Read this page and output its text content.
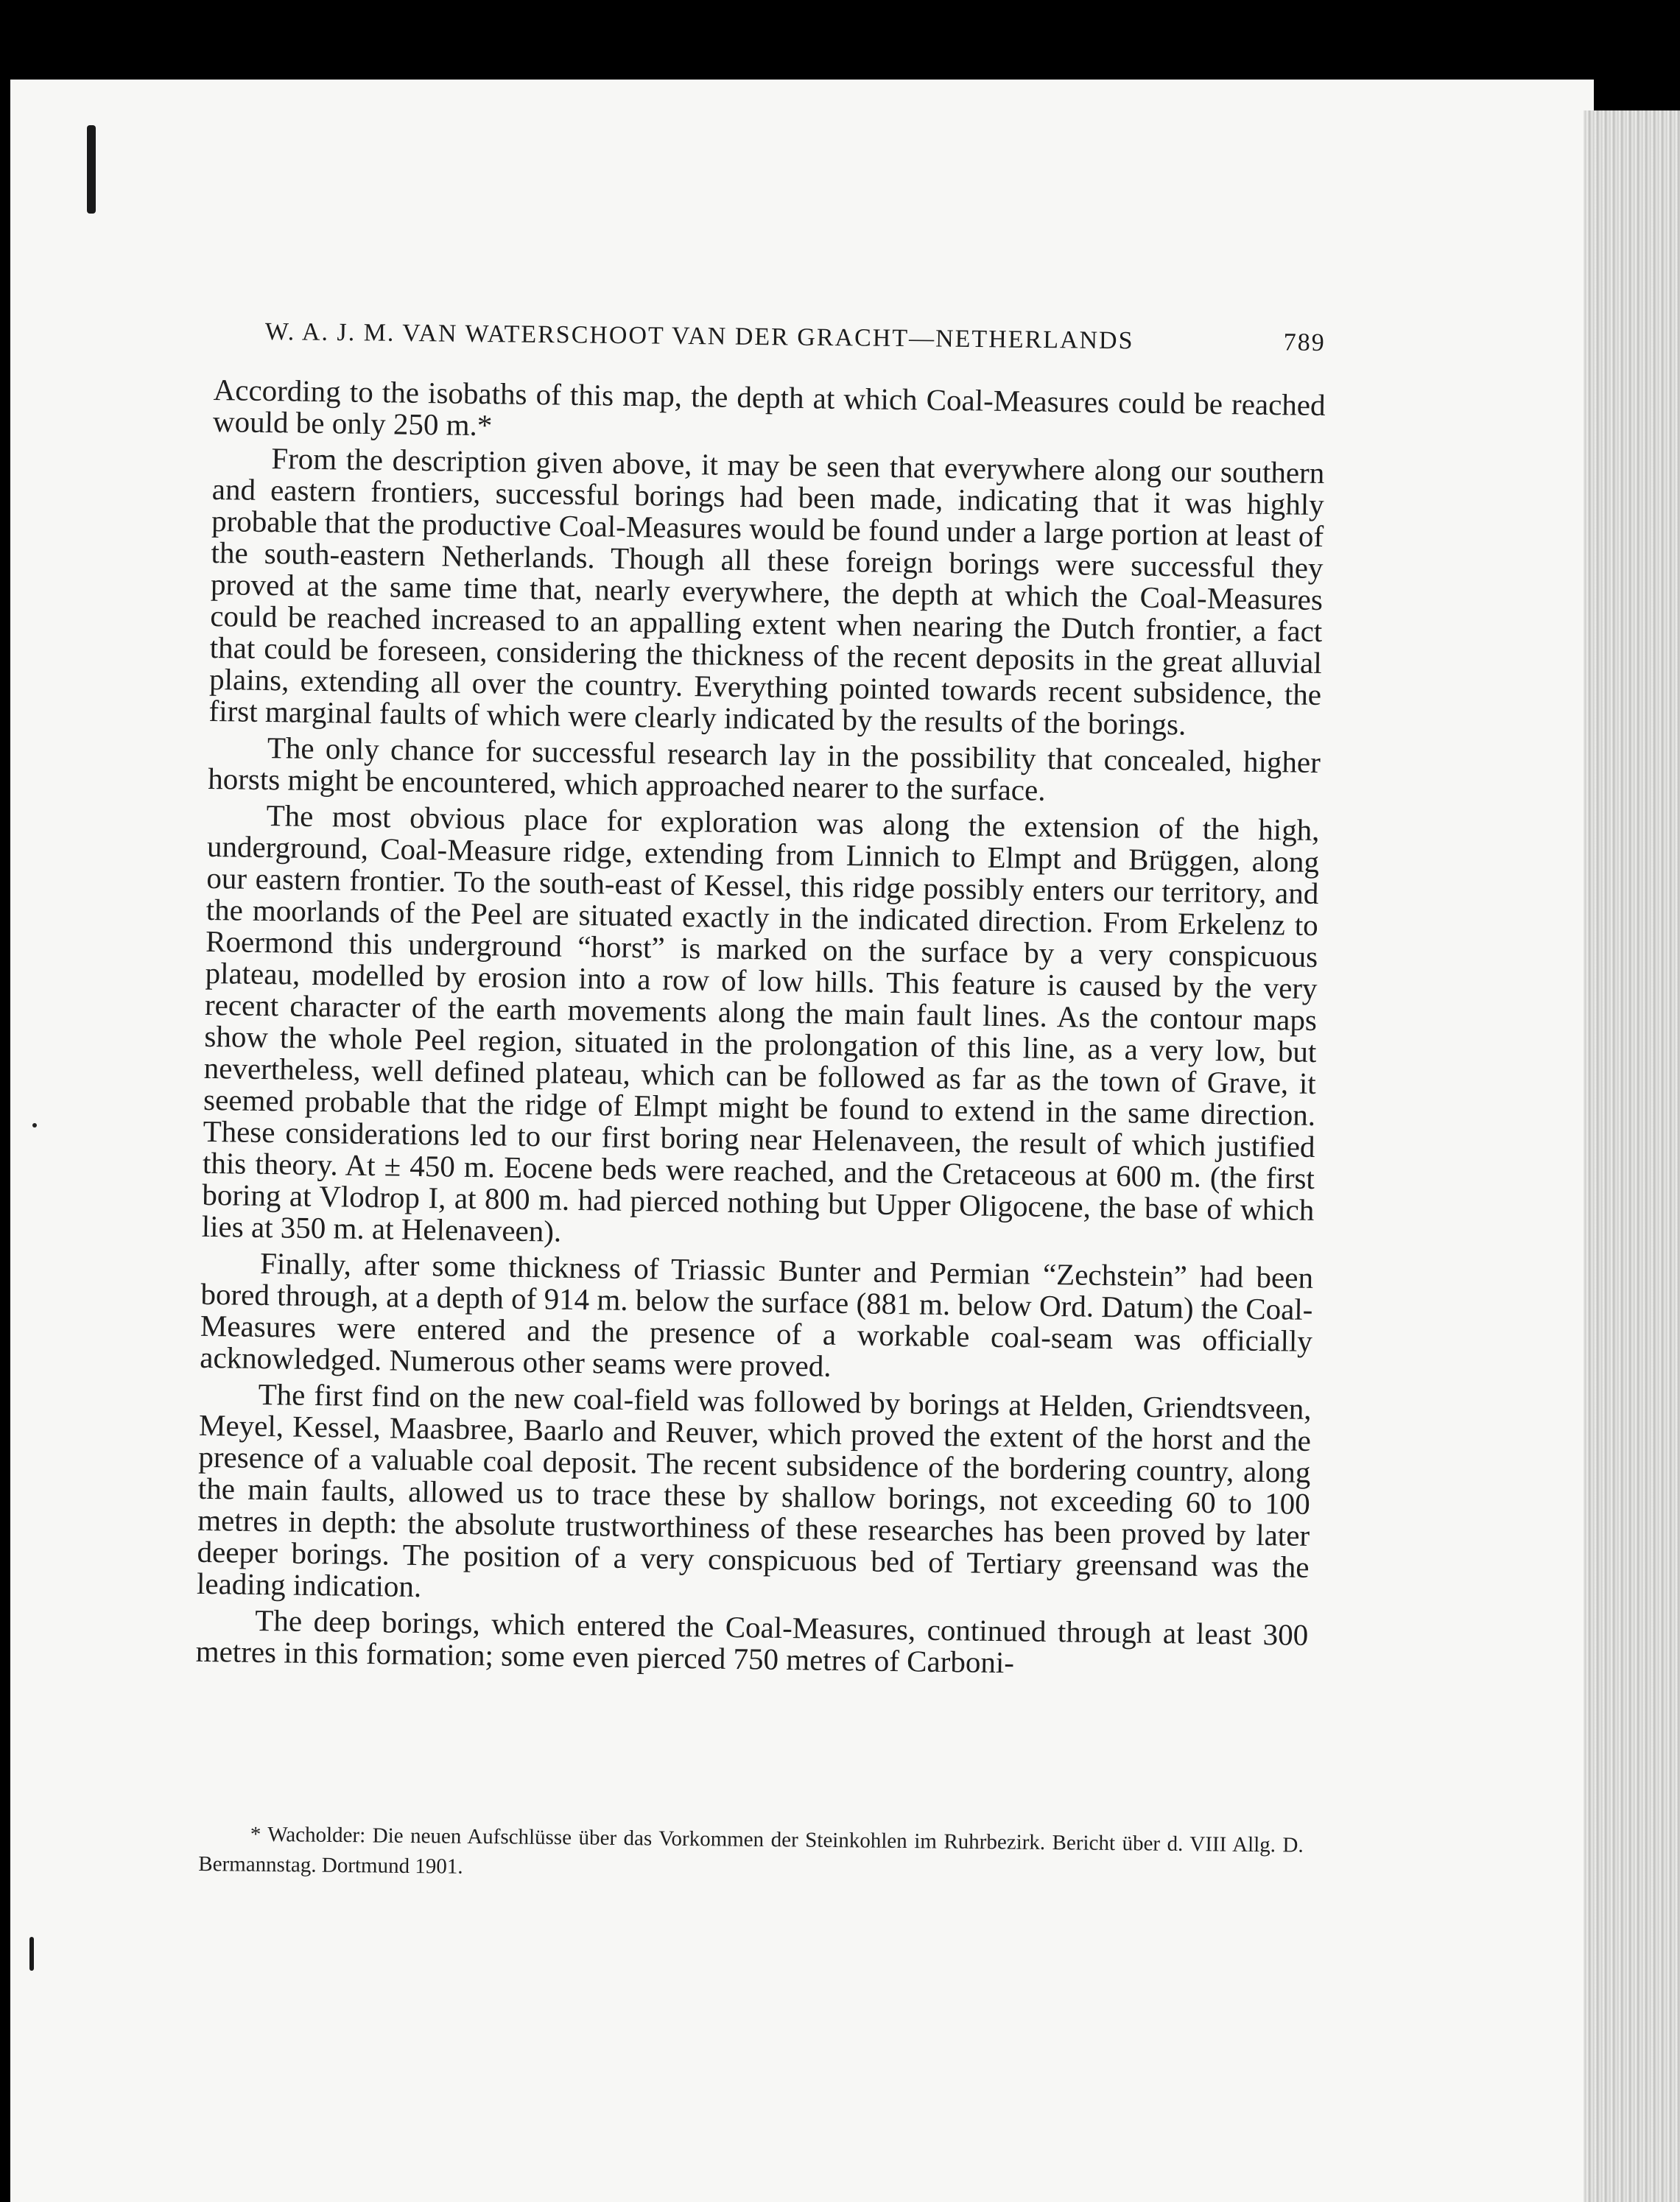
W. A. J. M. VAN WATERSCHOOT VAN DER GRACHT—NETHERLANDS	789

According to the isobaths of this map, the depth at which Coal-Measures could be reached would be only 250 m.*

From the description given above, it may be seen that everywhere along our southern and eastern frontiers, successful borings had been made, indicating that it was highly probable that the productive Coal-Measures would be found under a large portion at least of the south-eastern Netherlands. Though all these foreign borings were successful they proved at the same time that, nearly everywhere, the depth at which the Coal-Measures could be reached increased to an appalling extent when nearing the Dutch frontier, a fact that could be foreseen, considering the thickness of the recent deposits in the great alluvial plains, extending all over the country. Everything pointed towards recent subsidence, the first marginal faults of which were clearly indicated by the results of the borings.

The only chance for successful research lay in the possibility that concealed, higher horsts might be encountered, which approached nearer to the surface.

The most obvious place for exploration was along the extension of the high, underground, Coal-Measure ridge, extending from Linnich to Elmpt and Brüggen, along our eastern frontier. To the south-east of Kessel, this ridge possibly enters our territory, and the moorlands of the Peel are situated exactly in the indicated direction. From Erkelenz to Roermond this underground “horst” is marked on the surface by a very conspicuous plateau, modelled by erosion into a row of low hills. This feature is caused by the very recent character of the earth movements along the main fault lines. As the contour maps show the whole Peel region, situated in the prolongation of this line, as a very low, but nevertheless, well defined plateau, which can be followed as far as the town of Grave, it seemed probable that the ridge of Elmpt might be found to extend in the same direction. These considerations led to our first boring near Helenaveen, the result of which justified this theory. At ± 450 m. Eocene beds were reached, and the Cretaceous at 600 m. (the first boring at Vlodrop I, at 800 m. had pierced nothing but Upper Oligocene, the base of which lies at 350 m. at Helenaveen).

Finally, after some thickness of Triassic Bunter and Permian “Zechstein” had been bored through, at a depth of 914 m. below the surface (881 m. below Ord. Datum) the Coal-Measures were entered and the presence of a workable coal-seam was officially acknowledged. Numerous other seams were proved.

The first find on the new coal-field was followed by borings at Helden, Griendtsveen, Meyel, Kessel, Maasbree, Baarlo and Reuver, which proved the extent of the horst and the presence of a valuable coal deposit. The recent subsidence of the bordering country, along the main faults, allowed us to trace these by shallow borings, not exceeding 60 to 100 metres in depth: the absolute trustworthiness of these researches has been proved by later deeper borings. The position of a very conspicuous bed of Tertiary greensand was the leading indication.

The deep borings, which entered the Coal-Measures, continued through at least 300 metres in this formation; some even pierced 750 metres of Carboni-

* Wacholder: Die neuen Aufschlüsse über das Vorkommen der Steinkohlen im Ruhrbezirk. Bericht über d. VIII Allg. D. Bermannstag. Dortmund 1901.
